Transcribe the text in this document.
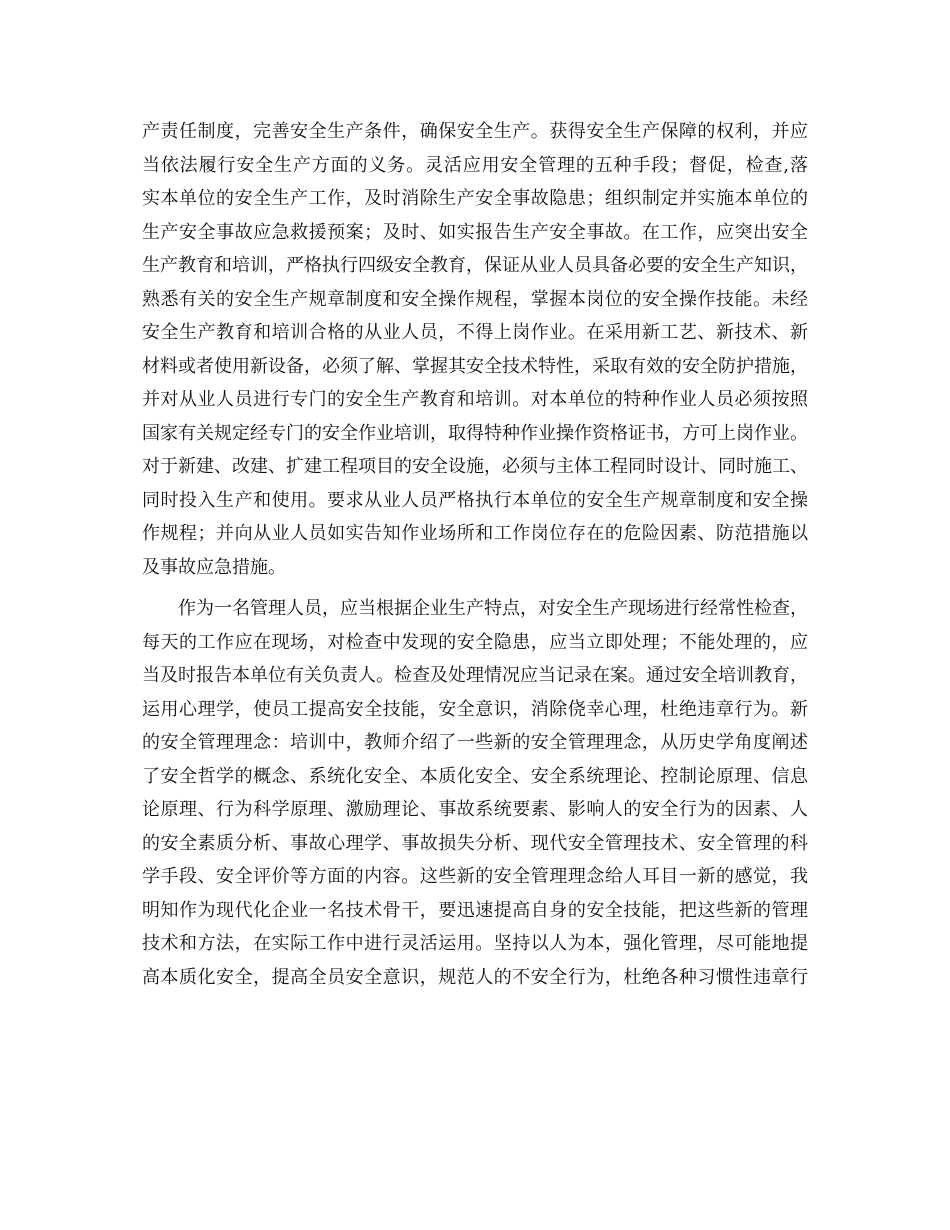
产责任制度，完善安全生产条件，确保安全生产。获得安全生产保障的权利，并应
当依法履行安全生产方面的义务。灵活应用安全管理的五种手段；督促，检查,落
实本单位的安全生产工作，及时消除生产安全事故隐患；组织制定并实施本单位的
生产安全事故应急救援预案；及时、如实报告生产安全事故。在工作，应突出安全
生产教育和培训，严格执行四级安全教育，保证从业人员具备必要的安全生产知识，
熟悉有关的安全生产规章制度和安全操作规程，掌握本岗位的安全操作技能。未经
安全生产教育和培训合格的从业人员，不得上岗作业。在采用新工艺、新技术、新
材料或者使用新设备，必须了解、掌握其安全技术特性，采取有效的安全防护措施，
并对从业人员进行专门的安全生产教育和培训。对本单位的特种作业人员必须按照
国家有关规定经专门的安全作业培训，取得特种作业操作资格证书，方可上岗作业。
对于新建、改建、扩建工程项目的安全设施，必须与主体工程同时设计、同时施工、
同时投入生产和使用。要求从业人员严格执行本单位的安全生产规章制度和安全操
作规程；并向从业人员如实告知作业场所和工作岗位存在的危险因素、防范措施以
及事故应急措施。
作为一名管理人员，应当根据企业生产特点，对安全生产现场进行经常性检查，
每天的工作应在现场，对检查中发现的安全隐患，应当立即处理；不能处理的，应
当及时报告本单位有关负责人。检查及处理情况应当记录在案。通过安全培训教育，
运用心理学，使员工提高安全技能，安全意识，消除侥幸心理，杜绝违章行为。新
的安全管理理念：培训中，教师介绍了一些新的安全管理理念，从历史学角度阐述
了安全哲学的概念、系统化安全、本质化安全、安全系统理论、控制论原理、信息
论原理、行为科学原理、激励理论、事故系统要素、影响人的安全行为的因素、人
的安全素质分析、事故心理学、事故损失分析、现代安全管理技术、安全管理的科
学手段、安全评价等方面的内容。这些新的安全管理理念给人耳目一新的感觉，我
明知作为现代化企业一名技术骨干，要迅速提高自身的安全技能，把这些新的管理
技术和方法，在实际工作中进行灵活运用。坚持以人为本，强化管理，尽可能地提
高本质化安全，提高全员安全意识，规范人的不安全行为，杜绝各种习惯性违章行
